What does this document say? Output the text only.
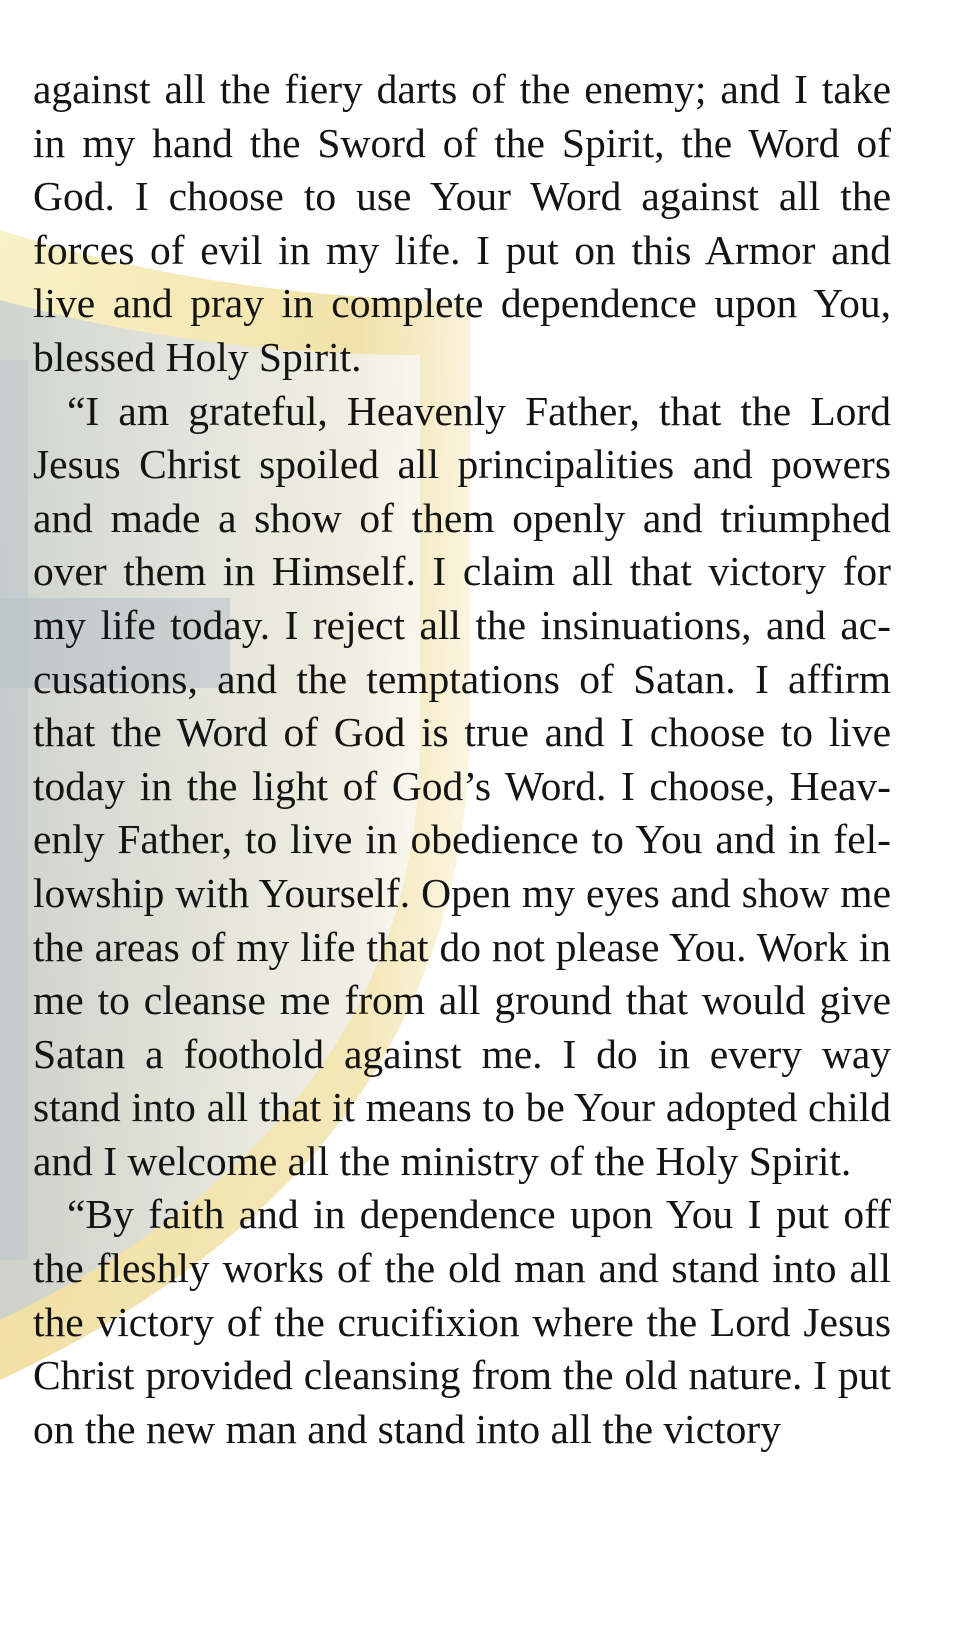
against all the fiery darts of the enemy; and I take in my hand the Sword of the Spirit, the Word of God. I choose to use Your Word against all the forces of evil in my life. I put on this Armor and live and pray in complete dependence upon You, blessed Holy Spirit.

“I am grateful, Heavenly Father, that the Lord Jesus Christ spoiled all principalities and powers and made a show of them openly and triumphed over them in Himself. I claim all that victory for my life today. I reject all the insinuations, and accusations, and the temptations of Satan. I affirm that the Word of God is true and I choose to live today in the light of God’s Word. I choose, Heavenly Father, to live in obedience to You and in fellowship with Yourself. Open my eyes and show me the areas of my life that do not please You. Work in me to cleanse me from all ground that would give Satan a foothold against me. I do in every way stand into all that it means to be Your adopted child and I welcome all the ministry of the Holy Spirit.

“By faith and in dependence upon You I put off the fleshly works of the old man and stand into all the victory of the crucifixion where the Lord Jesus Christ provided cleansing from the old nature. I put on the new man and stand into all the victory
